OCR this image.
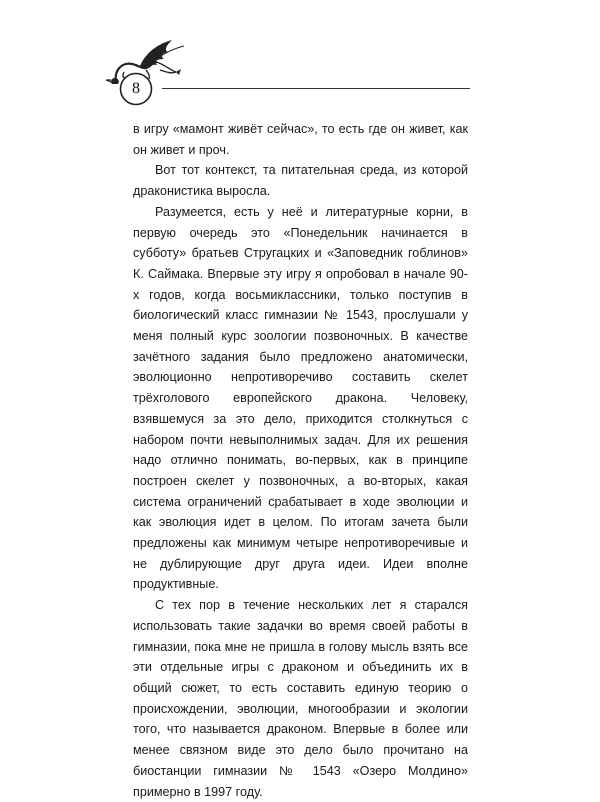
8

в игру «мамонт живёт сейчас», то есть где он живет, как он живет и проч.

Вот тот контекст, та питательная среда, из которой драконистика выросла.

Разумеется, есть у неё и литературные корни, в первую очередь это «Понедельник начинается в субботу» братьев Стругацких и «Заповедник гоблинов» К. Саймака. Впервые эту игру я опробовал в начале 90-х годов, когда восьмиклассники, только поступив в биологический класс гимназии № 1543, прослушали у меня полный курс зоологии позвоночных. В качестве зачётного задания было предложено анатомически, эволюционно непротиворечиво составить скелет трёхголового европейского дракона. Человеку, взявшемуся за это дело, приходится столкнуться с набором почти невыполнимых задач. Для их решения надо отлично понимать, во-первых, как в принципе построен скелет у позвоночных, а во-вторых, какая система ограничений срабатывает в ходе эволюции и как эволюция идет в целом. По итогам зачета были предложены как минимум четыре непротиворечивые и не дублирующие друг друга идеи. Идеи вполне продуктивные.

С тех пор в течение нескольких лет я старался использовать такие задачки во время своей работы в гимназии, пока мне не пришла в голову мысль взять все эти отдельные игры с драконом и объединить их в общий сюжет, то есть составить единую теорию о происхождении, эволюции, многообразии и экологии того, что называется драконом. Впервые в более или менее связном виде это дело было прочитано на биостанции гимназии № 1543 «Озеро Молдино» примерно в 1997 году.
